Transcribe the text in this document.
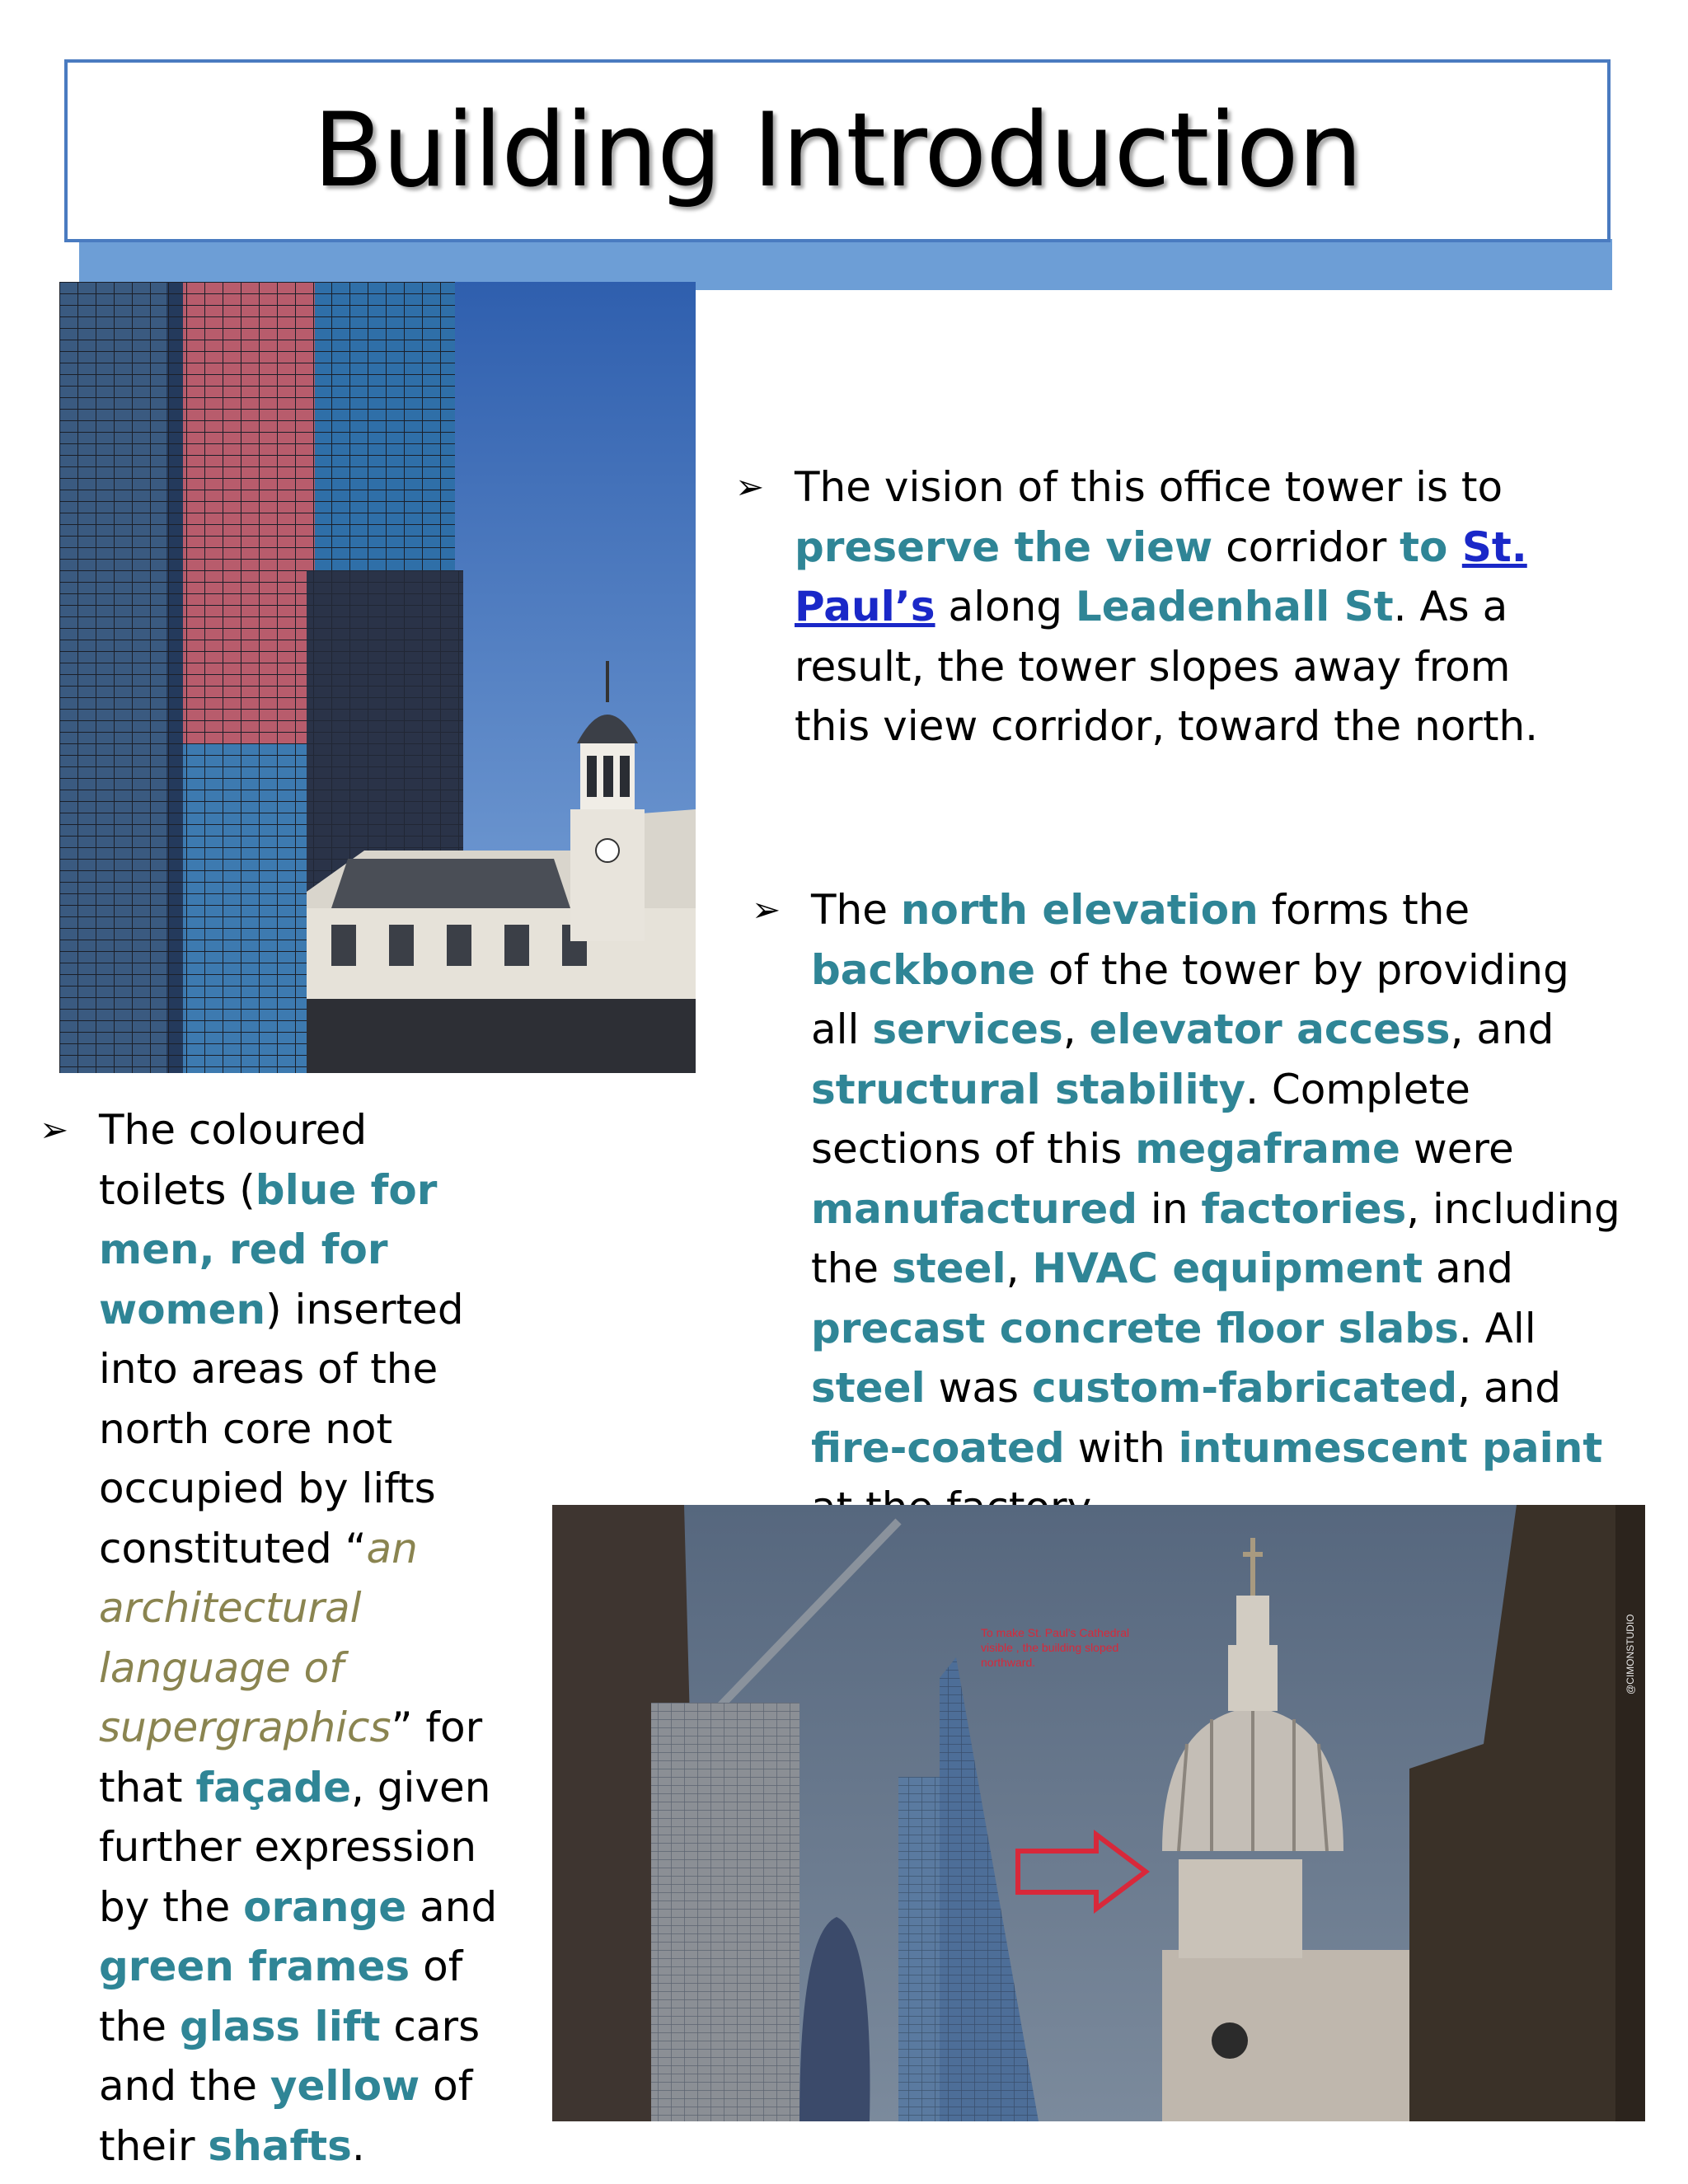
Building Introduction
➢ The vision of this office tower is to preserve the view corridor to St. Paul’s along Leadenhall St. As a result, the tower slopes away from this view corridor, toward the north.
➢ The north elevation forms the backbone of the tower by providing all services, elevator access, and structural stability. Complete sections of this megaframe were manufactured in factories, including the steel, HVAC equipment and precast concrete floor slabs. All steel was custom-fabricated, and fire-coated with intumescent paint
➢ The coloured toilets (blue for men, red for women) inserted into areas of the north core not occupied by lifts constituted “an architectural language of supergraphics” for that façade, given further expression by the orange and green frames of the glass lift cars and the yellow of their shafts.
To make St. Paul's Cathedral visible , the building sloped northward.	@CIMONSTUDIO
